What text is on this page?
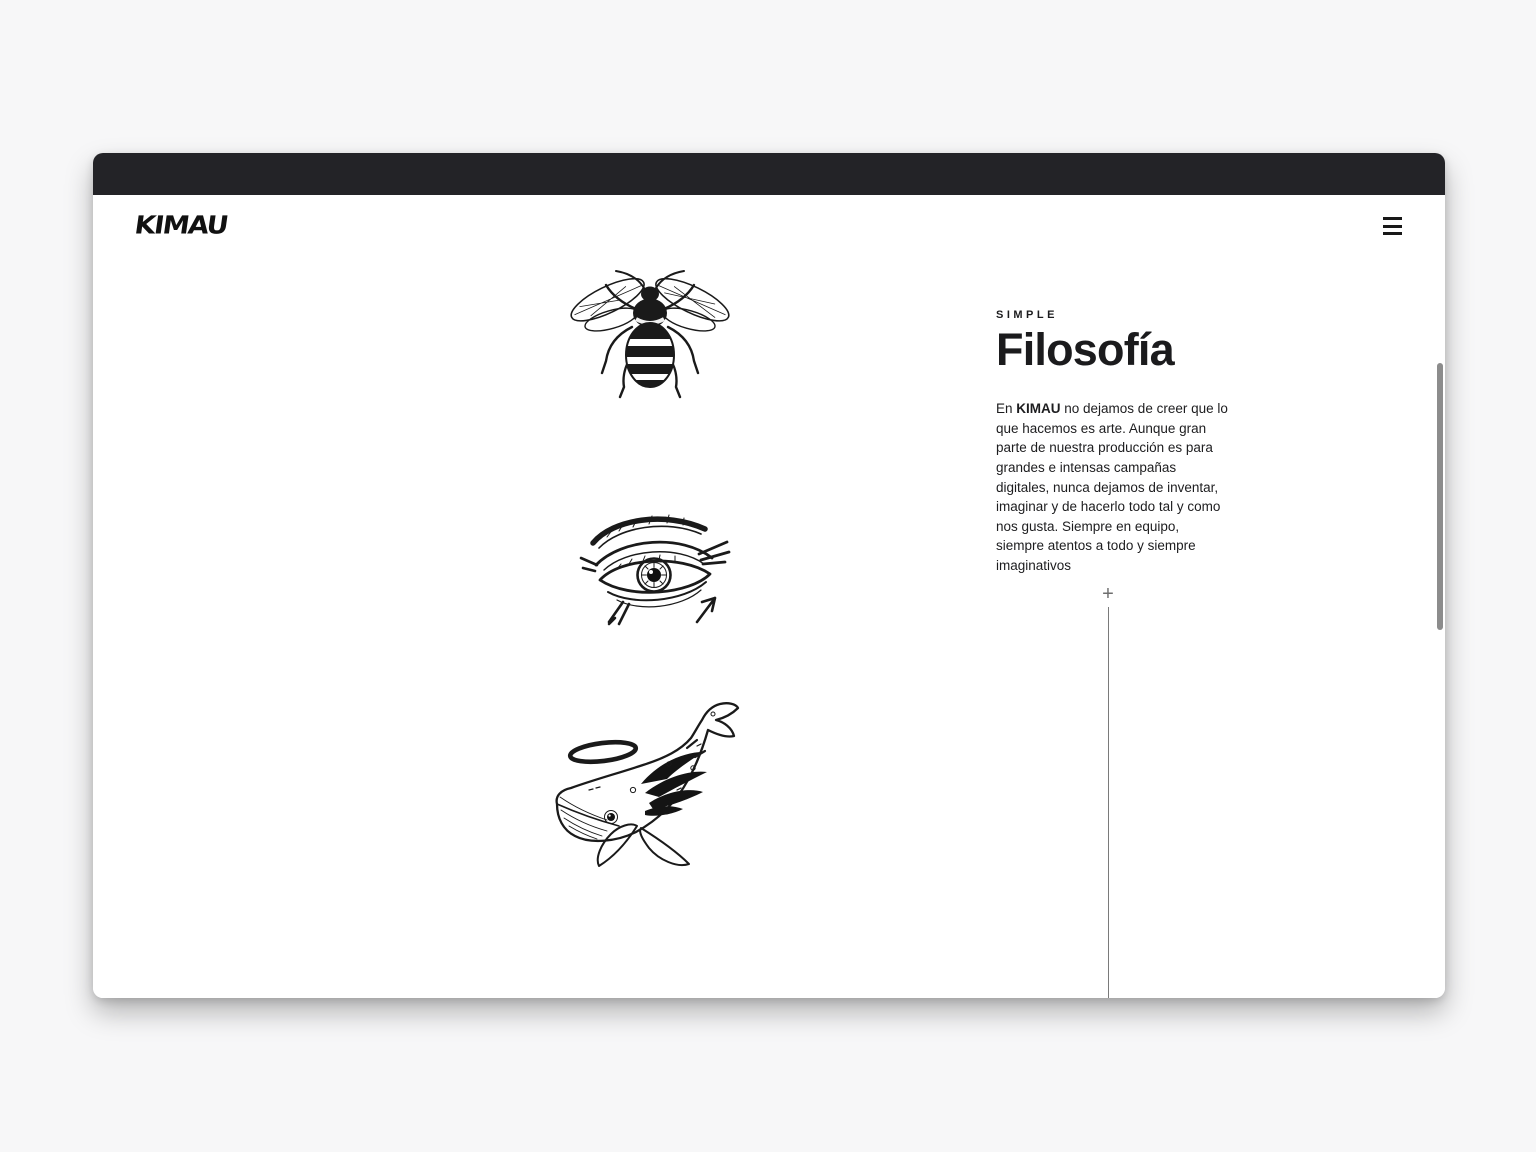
KIMAU
SIMPLE
Filosofía

En KIMAU no dejamos de creer que lo que hacemos es arte. Aunque gran parte de nuestra producción es para grandes e intensas campañas digitales, nunca dejamos de inventar, imaginar y de hacerlo todo tal y como nos gusta. Siempre en equipo, siempre atentos a todo y siempre imaginativos

+
